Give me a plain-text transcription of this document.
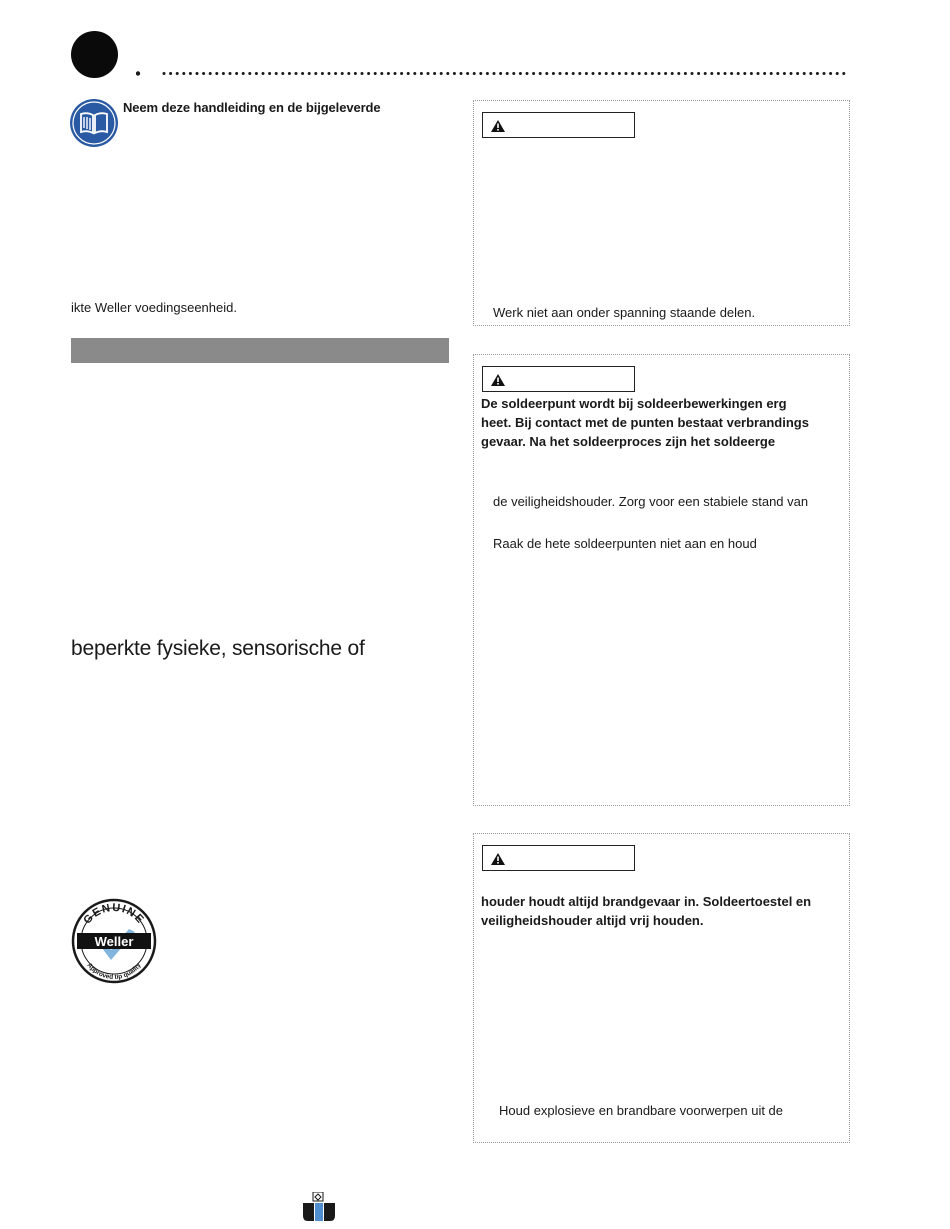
Neem deze handleiding en de bijgeleverde
ikte Weller voedingseenheid.
beperkte fysieke, sensorische of
Weller
GENUINE
Approved tip quality
Werk niet aan onder spanning staande delen.
De soldeerpunt wordt bij soldeerbewerkingen erg
heet. Bij contact met de punten bestaat verbrandings
gevaar. Na het soldeerproces zijn het soldeerge
de veiligheidshouder. Zorg voor een stabiele stand van
Raak de hete soldeerpunten niet aan en houd
houder houdt altijd brandgevaar in. Soldeertoestel en
veiligheidshouder altijd vrij houden.
Houd explosieve en brandbare voorwerpen uit de
